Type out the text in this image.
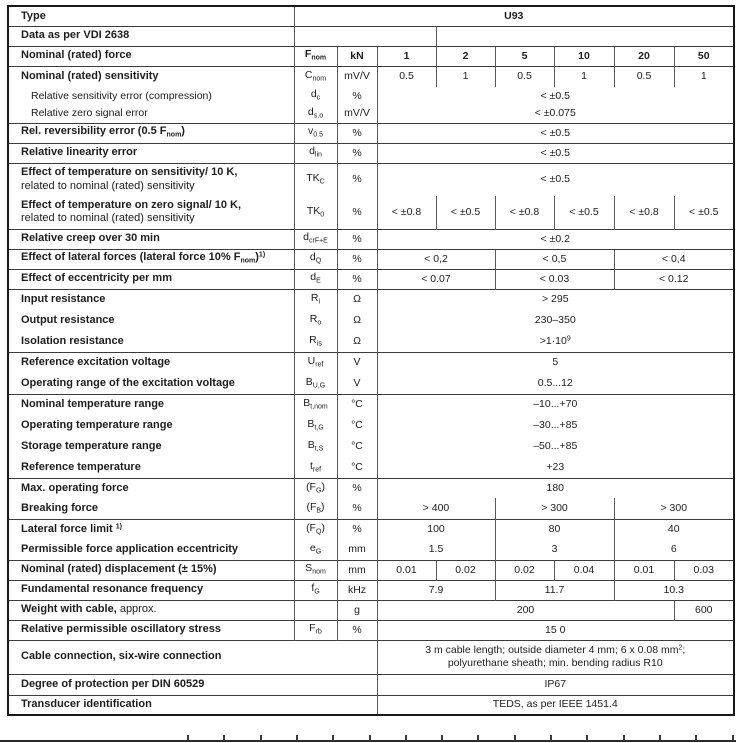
Type	U93							
Data as per VDI 2638								
Nominal (rated) force	$F_{nom}$	kN	1	2	5	10	20	50
Nominal (rated) sensitivity	$C_{nom}$	mV/V	0.5	1	0.5	1	0.5	1
Relative sensitivity error (compression)	$d_c$	%	< ±0.5					
Relative zero signal error	$d_{s,o}$	mV/V	< ±0.075					
Rel. reversibility error (0.5 $F_{nom}$)	$v_{0.5}$	%	< ±0.5					
Relative linearity error	$d_{lin}$	%	< ±0.5					
Effect of temperature on sensitivity/ 10 K,
related to nominal (rated) sensitivity	$TK_C$	%	< ±0.5					
Effect of temperature on zero signal/ 10 K,
related to nominal (rated) sensitivity	$TK_0$	%	< ±0.8	< ±0.5	< ±0.8	< ±0.5	< ±0.8	< ±0.5
Relative creep over 30 min	$d_{crF+E}$	%	< ±0.2					
Effect of lateral forces (lateral force 10% $F_{nom})^{1)}$	$d_Q$	%	< 0,2		< 0,5		< 0,4	
Effect of eccentricity per mm	$d_E$	%	< 0.07		< 0.03		< 0.12	
Input resistance	$R_i$	Ω	> 295					
Output resistance	$R_o$	Ω	230–350					
Isolation resistance	$R_{is}$	Ω	$>1\cdot 10^9$
Reference excitation voltage	$U_{ref}$	V	5					
Operating range of the excitation voltage	$B_{U,G}$	V	0.5...12					
Nominal temperature range	$B_{t,nom}$	°C	–10...+70					
Operating temperature range	$B_{t,G}$	°C	–30...+85					
Storage temperature range	$B_{t,S}$	°C	–50...+85					
Reference temperature	$t_{ref}$	°C	+23					
Max. operating force	$(F_G)$	%	180					
Breaking force	$(F_B)$	%	> 400		> 300		> 300	
Lateral force limit $^{1)}$	$(F_Q)$	%	100		80		40	
Permissible force application eccentricity	$e_G$	mm	1.5		3		6	
Nominal (rated) displacement (± 15%)	$S_{nom}$	mm	0.01	0.02	0.02	0.04	0.01	0.03
Fundamental resonance frequency	$f_G$	kHz	7.9		11.7		10.3	
Weight with cable, approx.		g	200					600
Relative permissible oscillatory stress	$F_{rb}$	%	15 0					
Cable connection, six-wire connection			3 m cable length; outside diameter 4 mm; 6 x 0.08 $mm^2$;
polyurethane sheath; min. bending radius R10					
Degree of protection per DIN 60529			IP67					
Transducer identification			TEDS, as per IEEE 1451.4					
